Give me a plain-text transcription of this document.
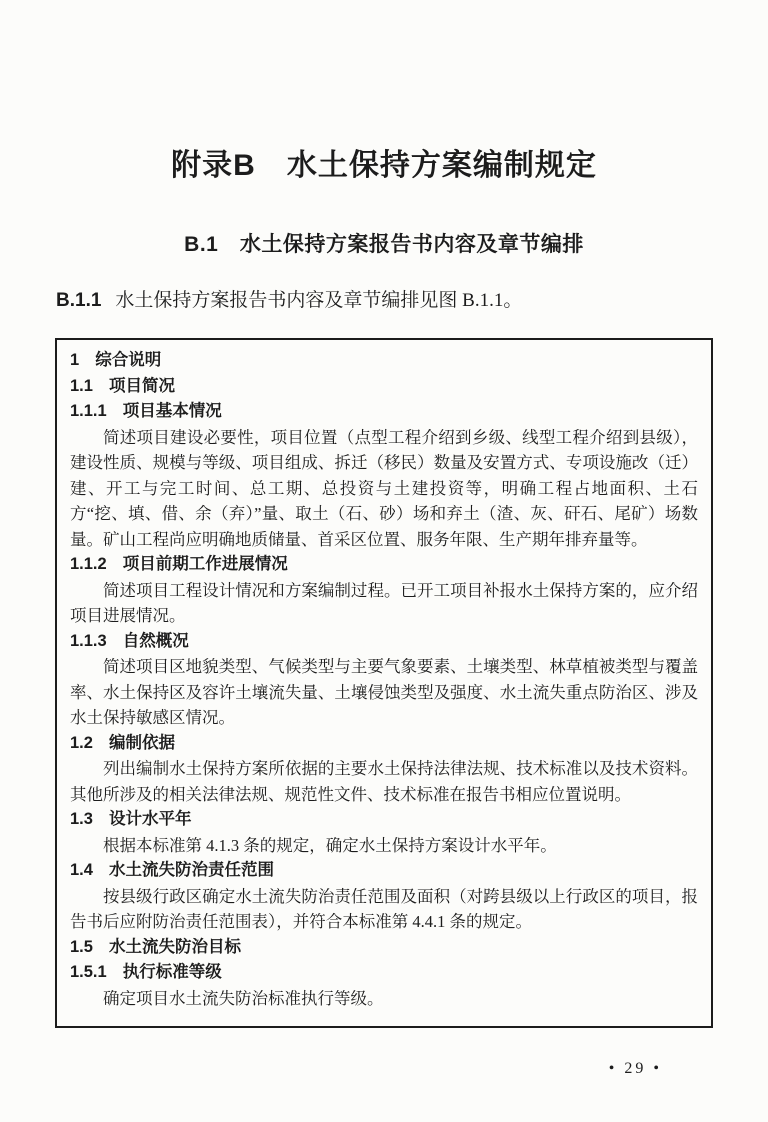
附录B　水土保持方案编制规定
B.1　水土保持方案报告书内容及章节编排

B.1.1 水土保持方案报告书内容及章节编排见图 B.1.1。

1 综合说明
1.1 项目简况
1.1.1 项目基本情况

简述项目建设必要性，项目位置（点型工程介绍到乡级、线型工程介绍到县级），建设性质、规模与等级、项目组成、拆迁（移民）数量及安置方式、专项设施改（迁）建、开工与完工时间、总工期、总投资与土建投资等，明确工程占地面积、土石方“挖、填、借、余（弃）”量、取土（石、砂）场和弃土（渣、灰、矸石、尾矿）场数量。矿山工程尚应明确地质储量、首采区位置、服务年限、生产期年排弃量等。

1.1.2 项目前期工作进展情况

简述项目工程设计情况和方案编制过程。已开工项目补报水土保持方案的，应介绍项目进展情况。

1.1.3 自然概况

简述项目区地貌类型、气候类型与主要气象要素、土壤类型、林草植被类型与覆盖率、水土保持区及容许土壤流失量、土壤侵蚀类型及强度、水土流失重点防治区、涉及水土保持敏感区情况。

1.2 编制依据

列出编制水土保持方案所依据的主要水土保持法律法规、技术标准以及技术资料。其他所涉及的相关法律法规、规范性文件、技术标准在报告书相应位置说明。

1.3 设计水平年

根据本标准第 4.1.3 条的规定，确定水土保持方案设计水平年。

1.4 水土流失防治责任范围

按县级行政区确定水土流失防治责任范围及面积（对跨县级以上行政区的项目，报告书后应附防治责任范围表），并符合本标准第 4.4.1 条的规定。

1.5 水土流失防治目标
1.5.1 执行标准等级

确定项目水土流失防治标准执行等级。

• 29 •
